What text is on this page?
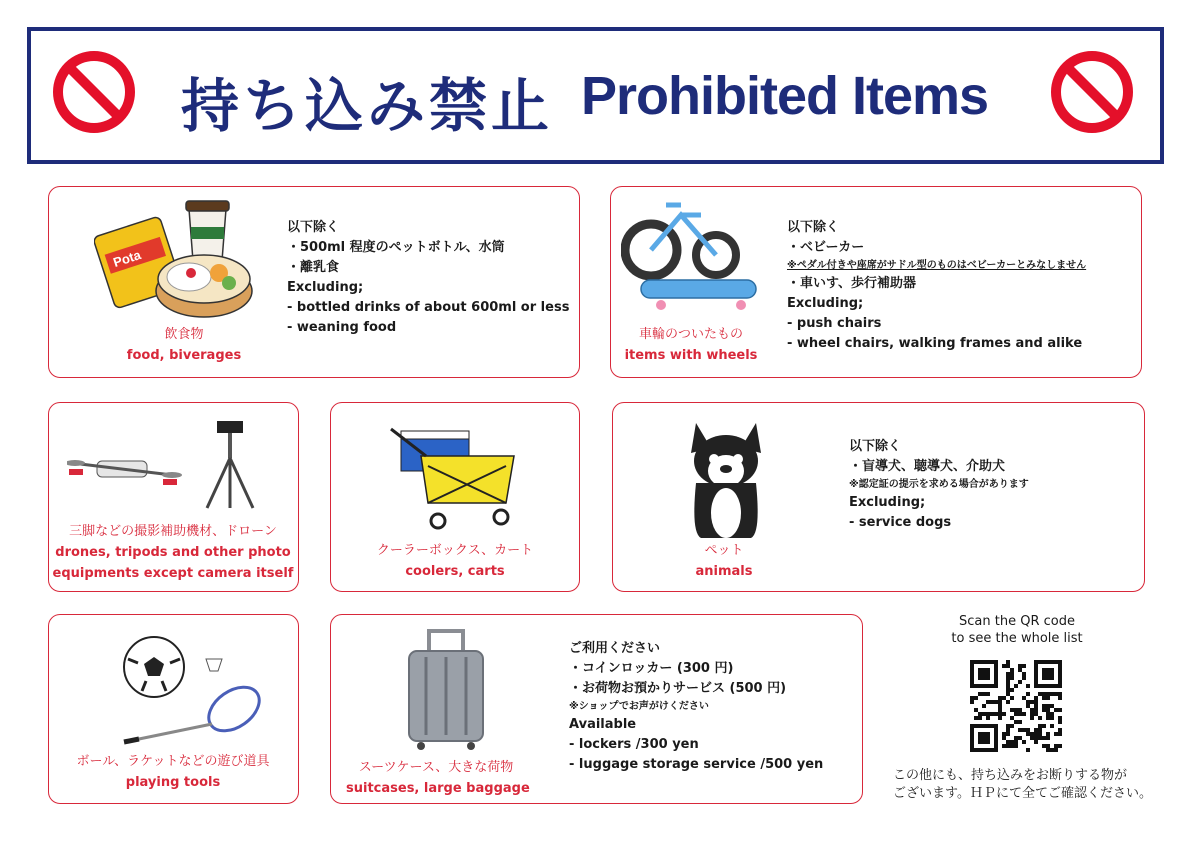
持ち込み禁止 Prohibited Items
Pota
飲食物
food, biverages
以下除く
・500ml 程度のペットボトル、水筒
・離乳食
Excluding;
- bottled drinks of about 600ml or less
- weaning food	車輪のついたもの
items with wheels
以下除く
・ベビーカー
※ペダル付きや座席がサドル型のものはベビーカーとみなしません
・車いす、歩行補助器
Excluding;
- push chairs
- wheel chairs, walking frames and alike
三脚などの撮影補助機材、ドローン
drones, tripods and other photo
equipments except camera itself
クーラーボックス、カート
coolers, carts
ペット
animals
以下除く
・盲導犬、聴導犬、介助犬
※認定証の提示を求める場合があります
Excluding;
- service dogs
ボール、ラケットなどの遊び道具
playing tools
スーツケース、大きな荷物
suitcases, large baggage
ご利用ください
・コインロッカー (300 円)
・お荷物お預かりサービス (500 円)
※ショップでお声がけください
Available
- lockers /300 yen
- luggage storage service /500 yen
Scan the QR code
to see the whole list
この他にも、持ち込みをお断りする物が
ございます。ＨＰにて全てご確認ください。
